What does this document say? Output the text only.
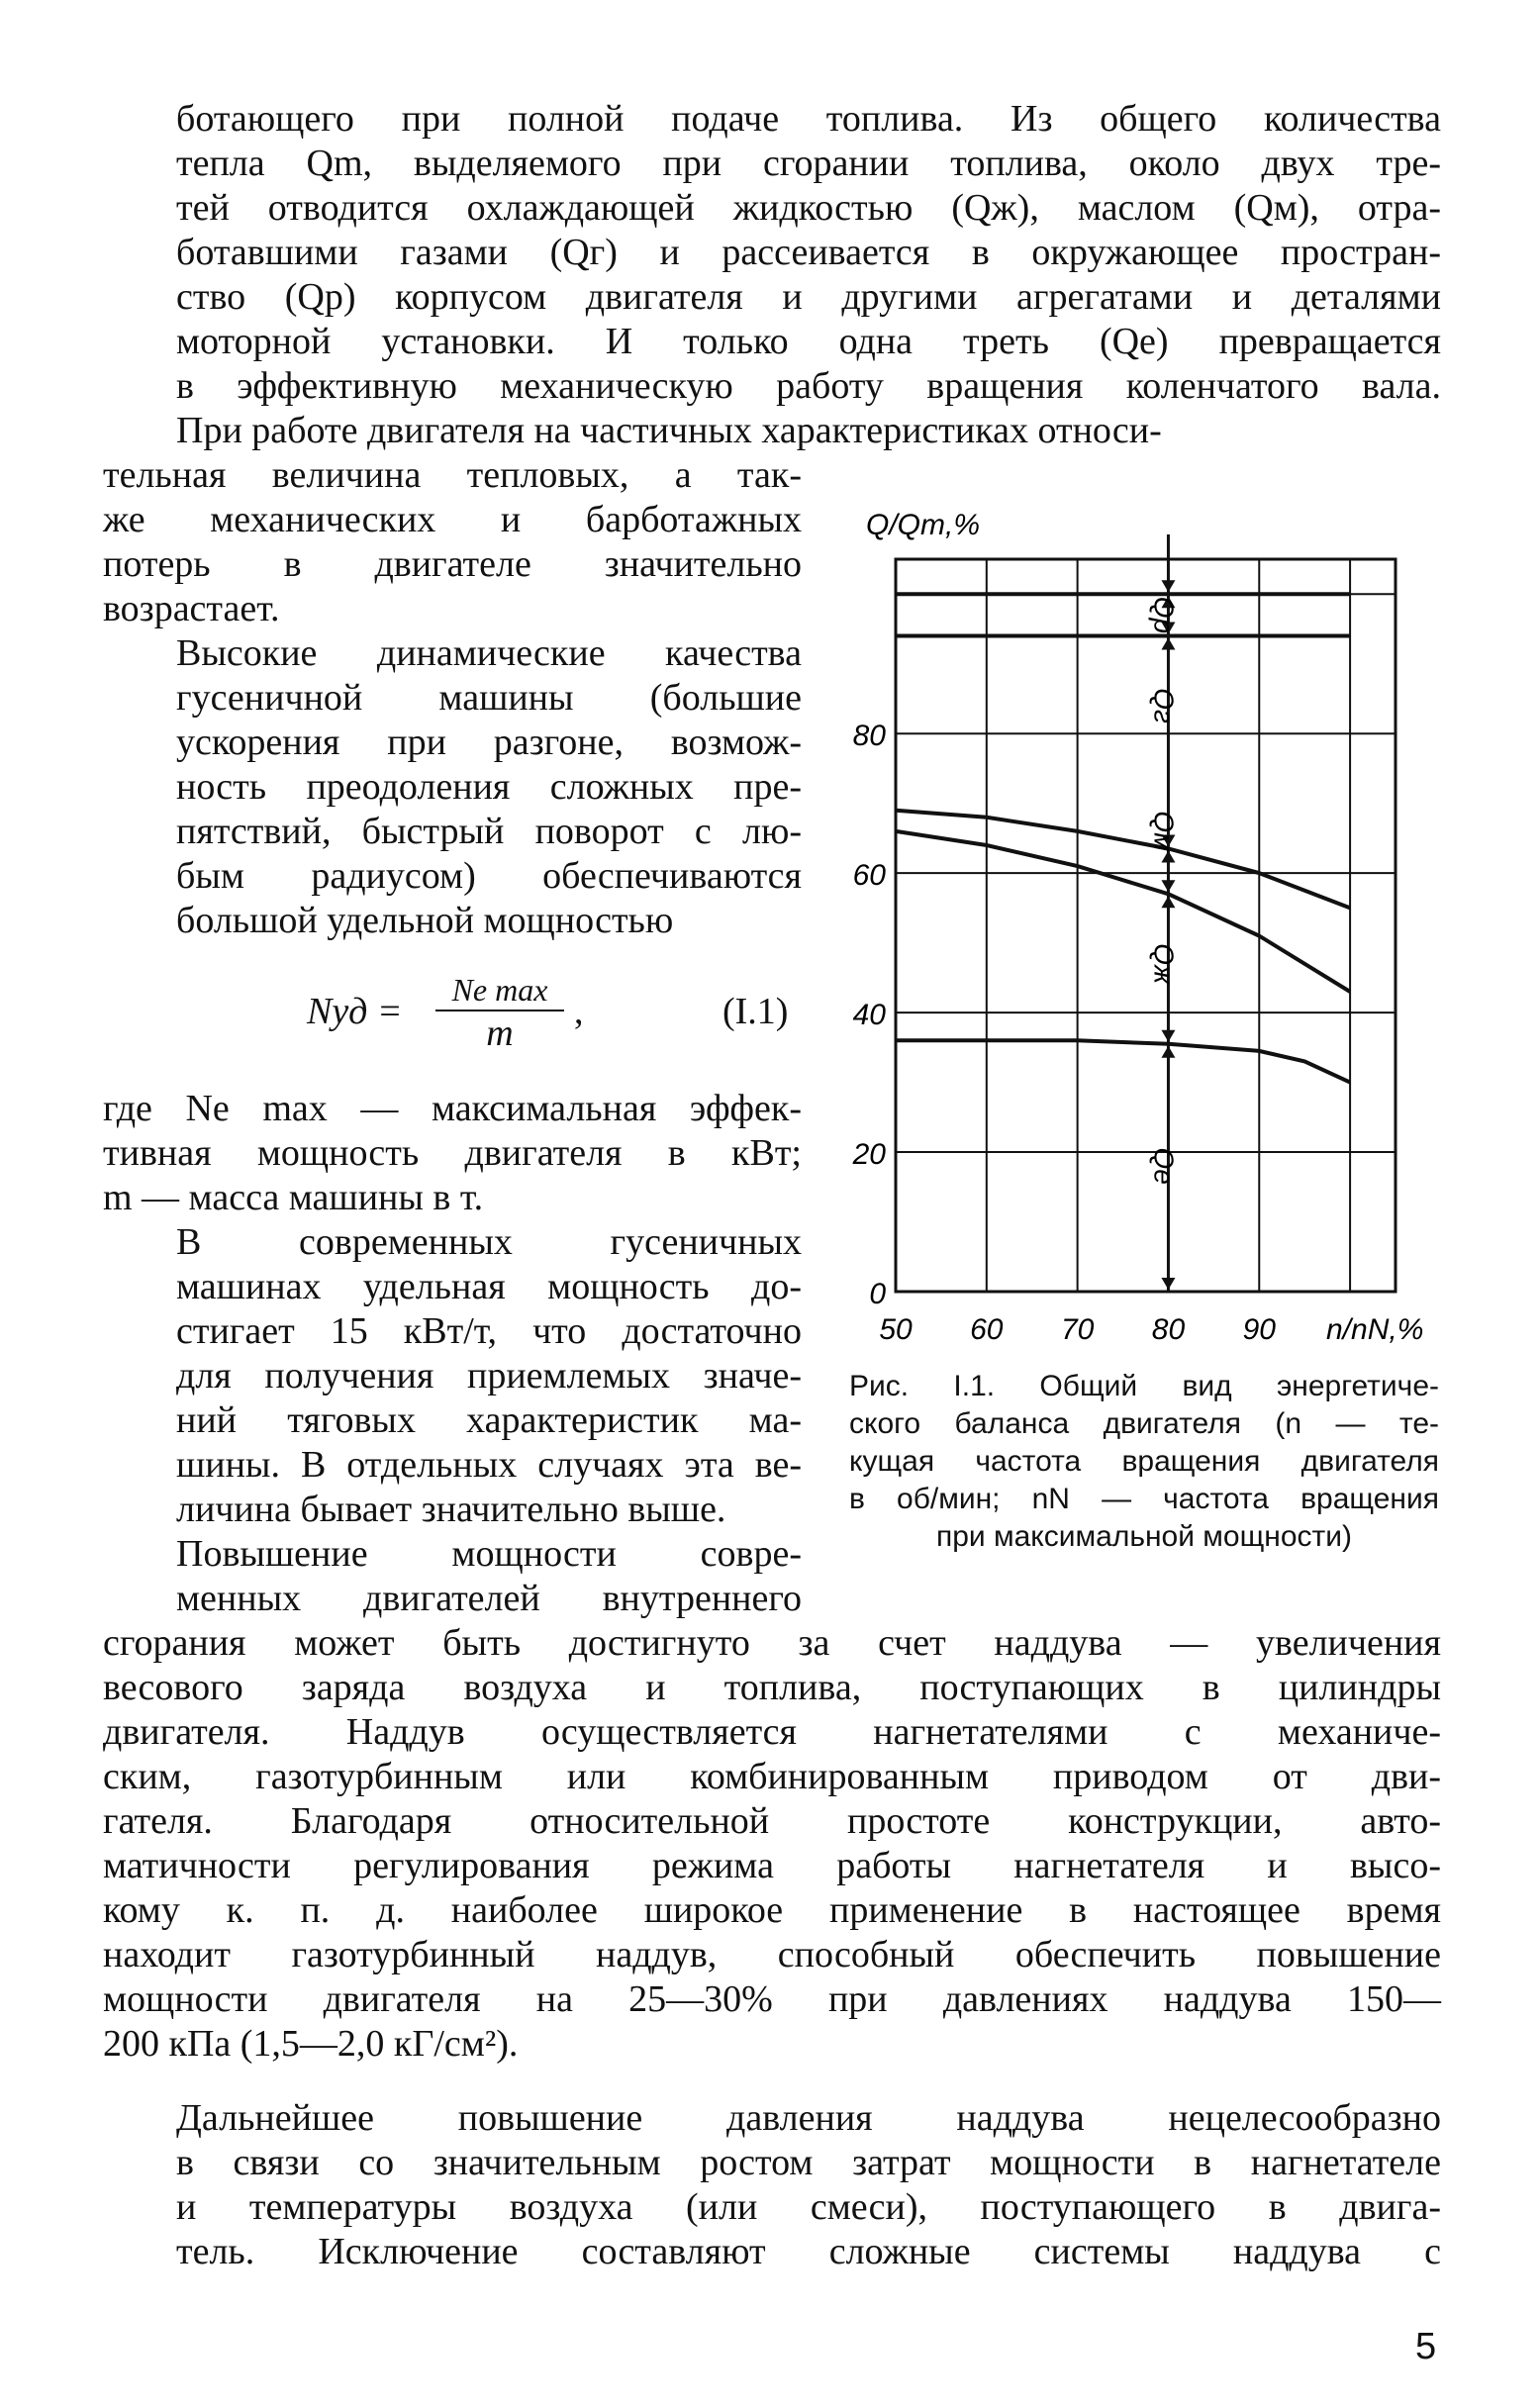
ботающего при полной подаче топлива. Из общего количества
тепла Qm, выделяемого при сгорании топлива, около двух тре-
тей отводится охлаждающей жидкостью (Qж), маслом (Qм), отра-
ботавшими газами (Qг) и рассеивается в окружающее простран-
ство (Qр) корпусом двигателя и другими агрегатами и деталями
моторной установки. И только одна треть (Qe) превращается
в эффективную механическую работу вращения коленчатого вала.
При работе двигателя на частичных характеристиках относи-
тельная величина тепловых, а так-
же механических и барботажных
потерь в двигателе значительно
возрастает.
Высокие динамические качества
гусеничной машины (большие
ускорения при разгоне, возмож-
ность преодоления сложных пре-
пятствий, быстрый поворот с лю-
бым радиусом) обеспечиваются
большой удельной мощностью
Nуд =
Ne max
m
,	(I.1)
где Ne max — максимальная эффек-
тивная мощность двигателя в кВт;
m — масса машины в т.
В современных гусеничных
машинах удельная мощность до-
стигает 15 кВт/т, что достаточно
для получения приемлемых значе-
ний тяговых характеристик ма-
шины. В отдельных случаях эта ве-
личина бывает значительно выше.
Повышение мощности совре-
менных двигателей внутреннего
сгорания может быть достигнуто за счет наддува — увеличения
весового заряда воздуха и топлива, поступающих в цилиндры
двигателя. Наддув осуществляется нагнетателями с механиче-
ским, газотурбинным или комбинированным приводом от дви-
гателя. Благодаря относительной простоте конструкции, авто-
матичности регулирования режима работы нагнетателя и высо-
кому к. п. д. наиболее широкое применение в настоящее время
находит газотурбинный наддув, способный обеспечить повышение
мощности двигателя на 25—30% при давлениях наддува 150—
200 кПа (1,5—2,0 кГ/см²).
Дальнейшее повышение давления наддува нецелесообразно
в связи со значительным ростом затрат мощности в нагнетателе
и температуры воздуха (или смеси), поступающего в двига-
тель. Исключение составляют сложные системы наддува с
50 60 70 80 90
0
20
40
60
80
Q/Qm,%
n/nN,%
Qe
Qж
Qм
Qг
Qр
Рис. I.1. Общий вид энергетиче-
ского баланса двигателя (n — те-
кущая частота вращения двигателя
в об/мин; nN — частота вращения
при максимальной мощности)
5
